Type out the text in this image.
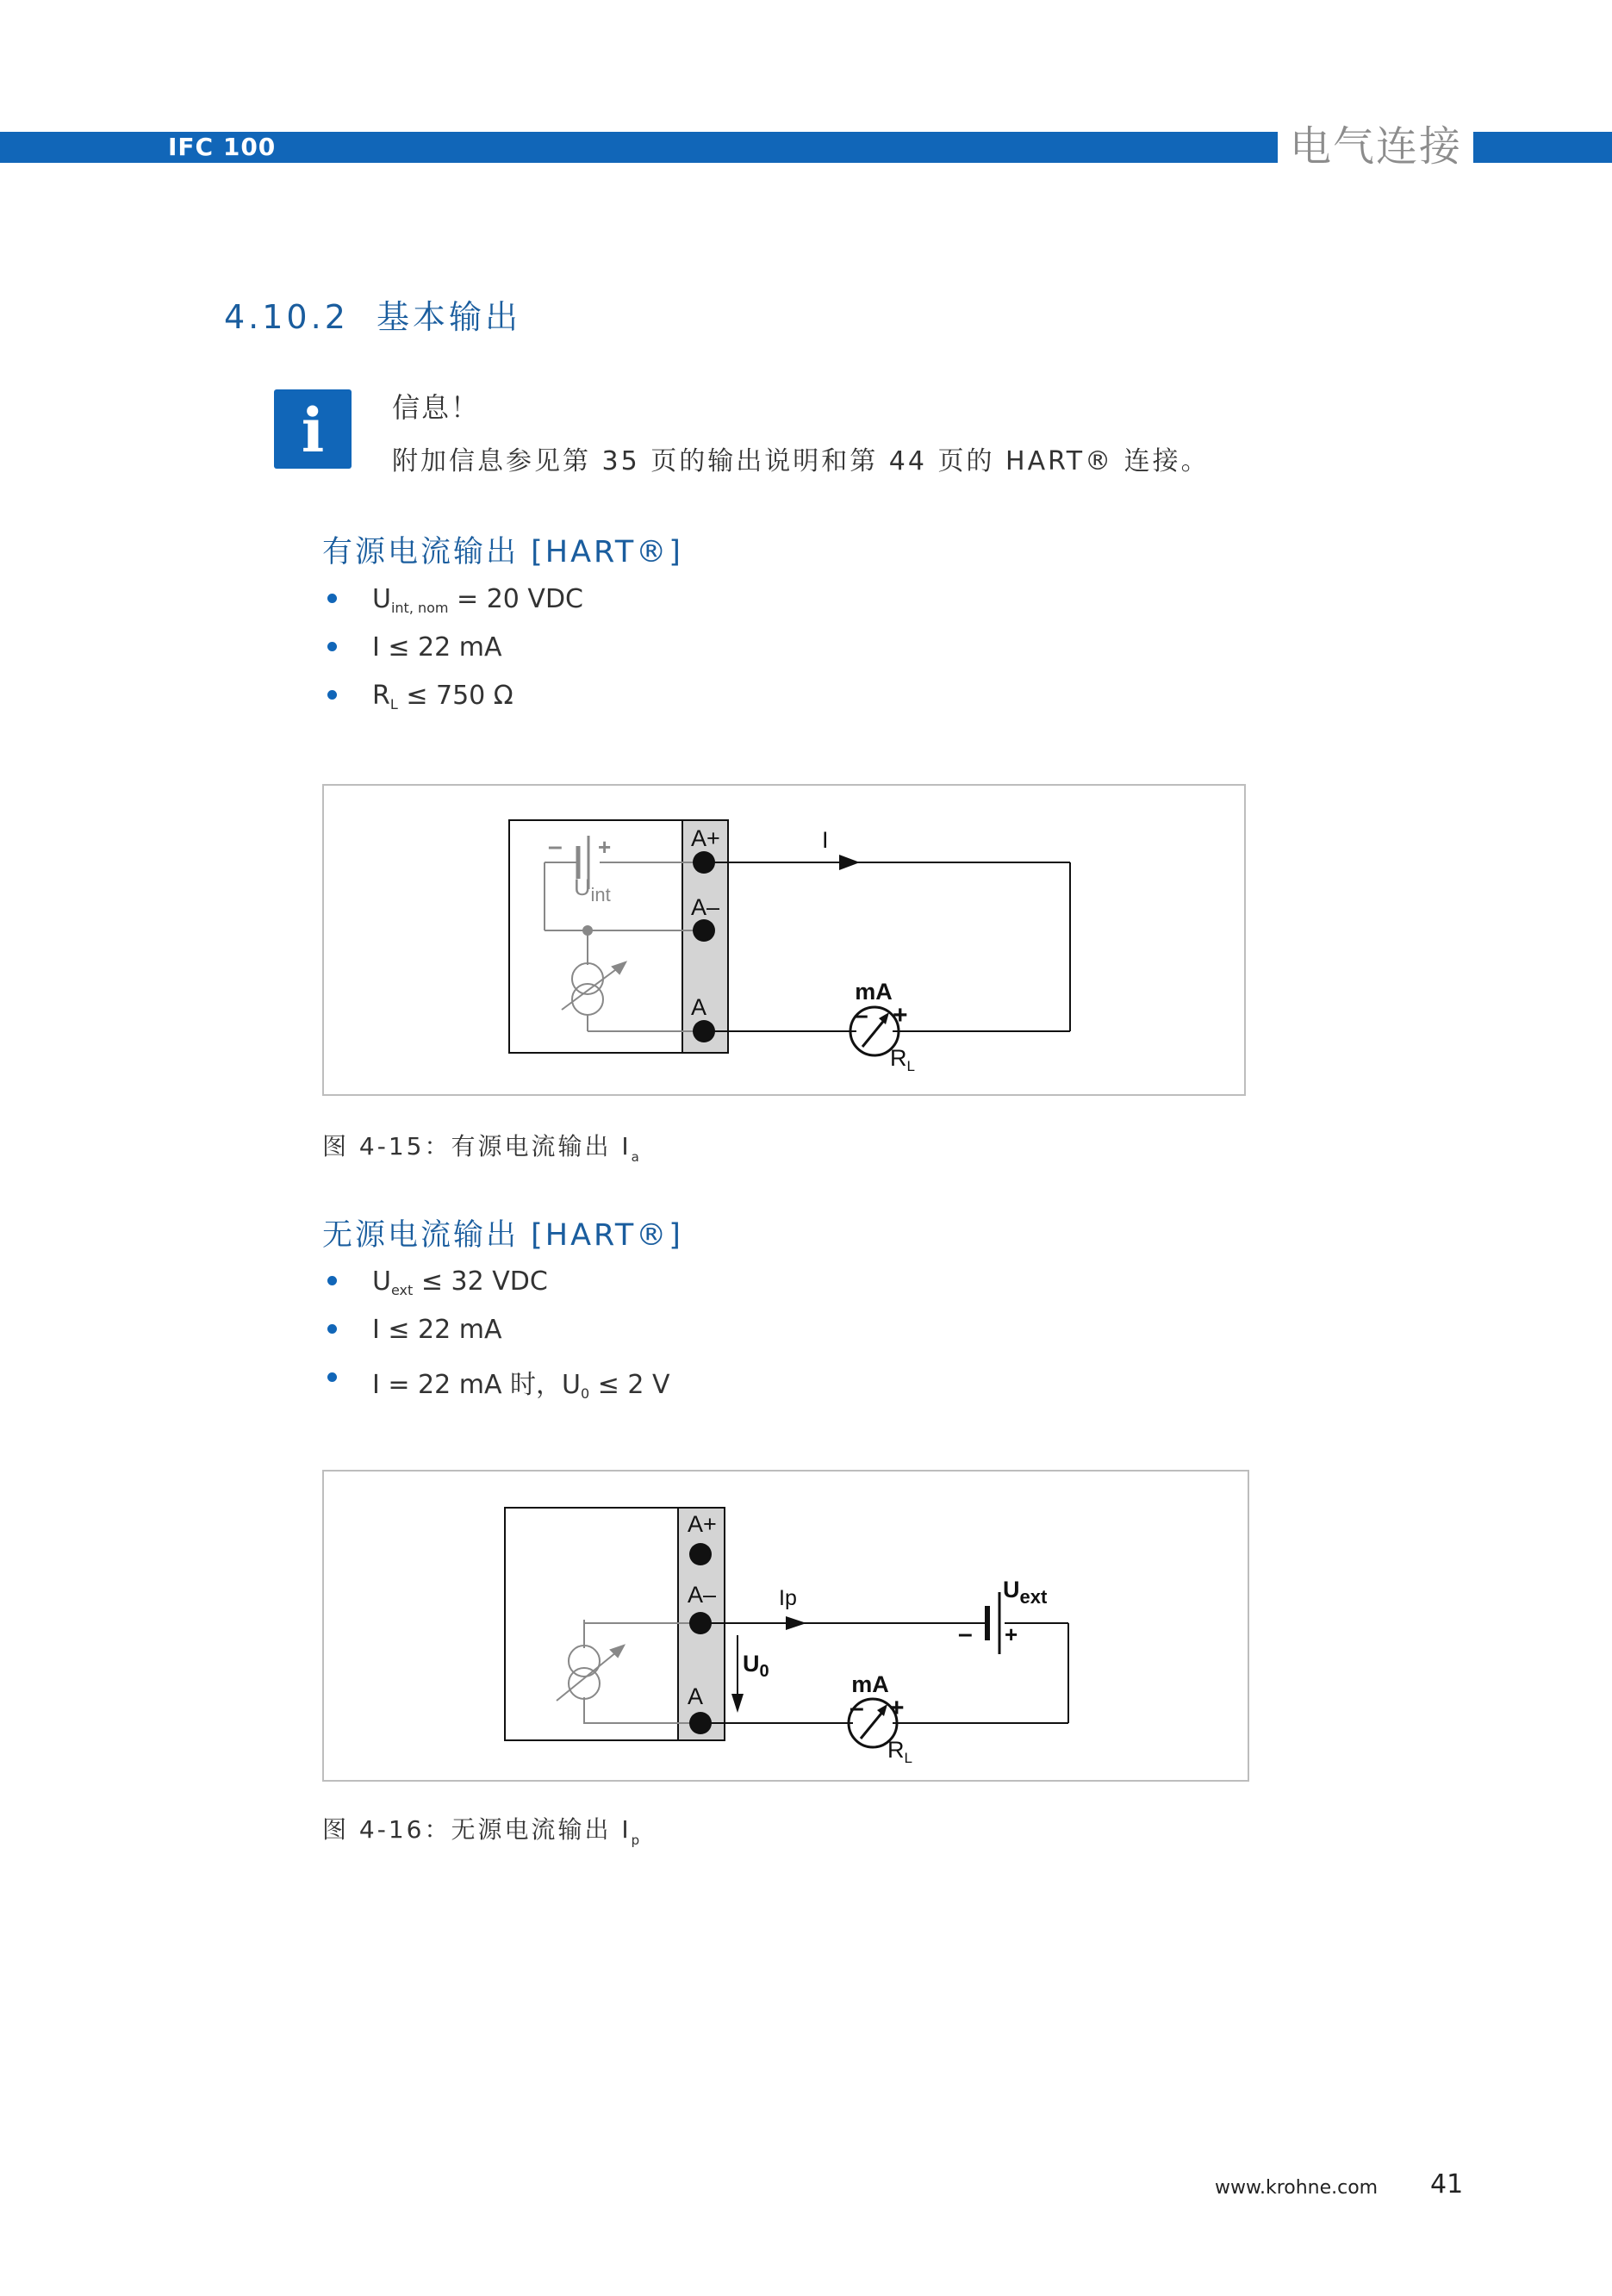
IFC 100	电气连接
4.10.2 基本输出
i	信息！
附加信息参见第 35 页的输出说明和第 44 页的 HART® 连接。
有源电流输出 [HART®]
$U_{int, nom} = 20$ VDC
I ≤ 22 mA
$R_L \le 750$ Ω
A+
A–
A
I
mA
– +
$R_L$
– +
$U_{int}$
图 4-15：有源电流输出 $I_a$
无源电流输出 [HART®]
$U_{ext} \le 32$ VDC
I ≤ 22 mA
I = 22 mA 时，$U_0 \le 2$ V
A+
A–
A
Ip
$U_0$
$U_{ext}$
– +
mA
– +
$R_L$
图 4-16：无源电流输出 $I_p$
www.krohne.com 41
